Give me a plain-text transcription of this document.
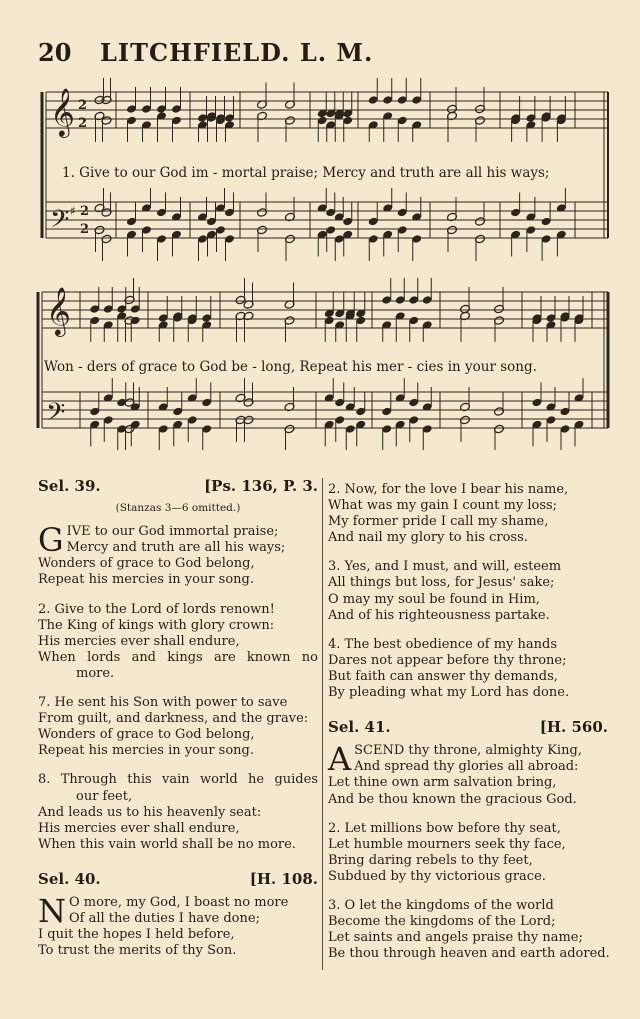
20 LITCHFIELD. L. M.
𝄞 2
2
𝄢 ♯ 2
2
𝄞
𝄢
1. Give to our God im - mortal praise; Mercy and truth are all his ways;
Won - ders of grace to God be - long, Repeat his mer - cies in your song.
Sel. 39.	[Ps. 136, P. 3.
(Stanzas 3—6 omitted.)
G IVE to our God immortal praise;
Mercy and truth are all his ways;
Wonders of grace to God belong,
Repeat his mercies in your song.
2. Give to the Lord of lords renown!
The King of kings with glory crown:
His mercies ever shall endure,
When lords and kings are known no
more.
7. He sent his Son with power to save
From guilt, and darkness, and the grave:
Wonders of grace to God belong,
Repeat his mercies in your song.
8. Through this vain world he guides
our feet,
And leads us to his heavenly seat:
His mercies ever shall endure,
When this vain world shall be no more.
Sel. 40.	[H. 108.
N O more, my God, I boast no more
Of all the duties I have done;
I quit the hopes I held before,
To trust the merits of thy Son.
2. Now, for the love I bear his name,
What was my gain I count my loss;
My former pride I call my shame,
And nail my glory to his cross.
3. Yes, and I must, and will, esteem
All things but loss, for Jesus' sake;
O may my soul be found in Him,
And of his righteousness partake.
4. The best obedience of my hands
Dares not appear before thy throne;
But faith can answer thy demands,
By pleading what my Lord has done.
Sel. 41.	[H. 560.
A SCEND thy throne, almighty King,
And spread thy glories all abroad:
Let thine own arm salvation bring,
And be thou known the gracious God.
2. Let millions bow before thy seat,
Let humble mourners seek thy face,
Bring daring rebels to thy feet,
Subdued by thy victorious grace.
3. O let the kingdoms of the world
Become the kingdoms of the Lord;
Let saints and angels praise thy name;
Be thou through heaven and earth adored.
